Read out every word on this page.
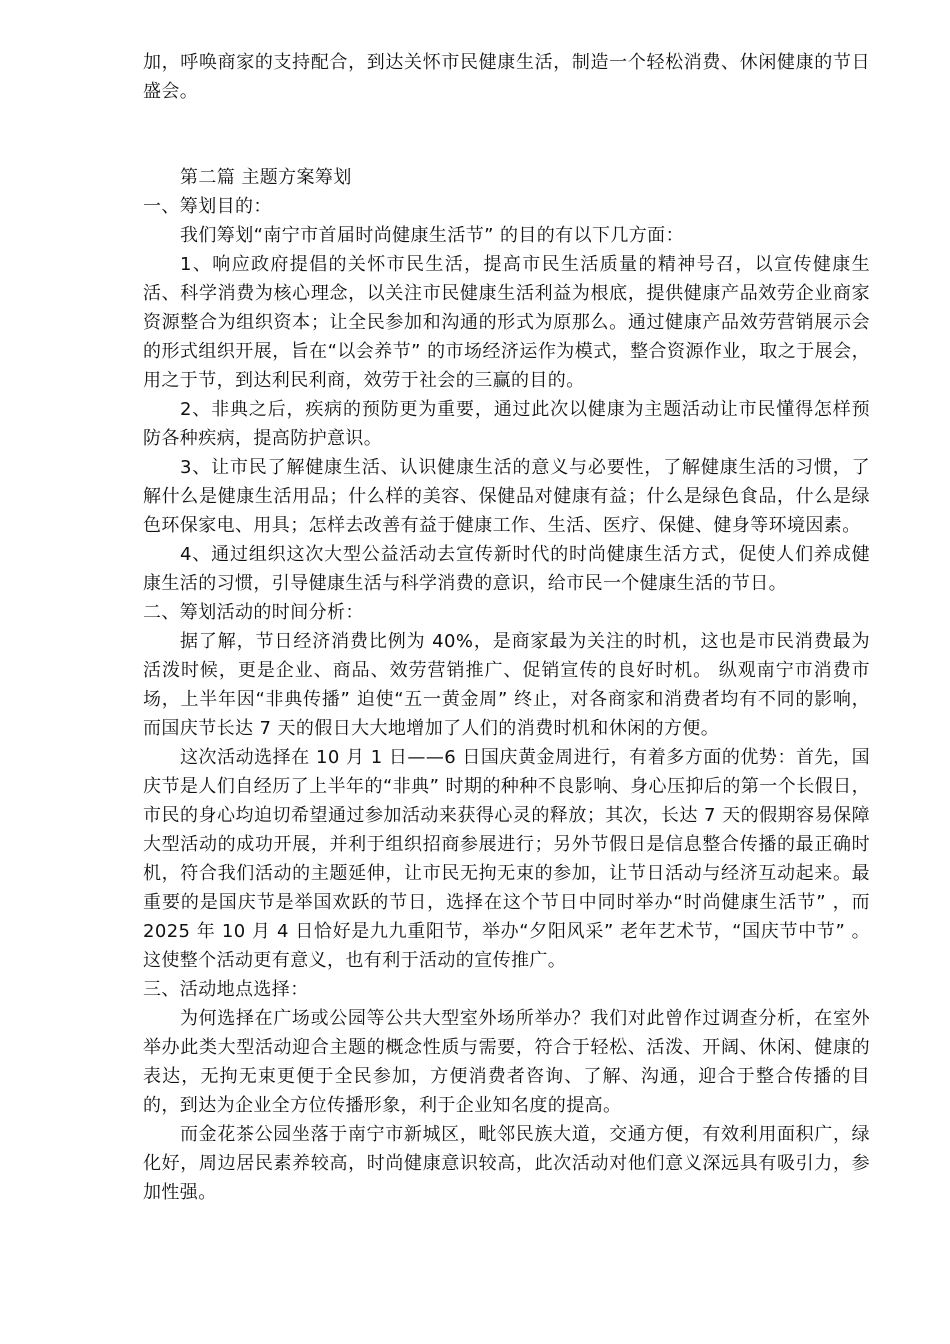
加，呼唤商家的支持配合，到达关怀市民健康生活，制造一个轻松消费、休闲健康的节日盛会。

第二篇 主题方案筹划

一、筹划目的：

我们筹划“南宁市首届时尚健康生活节” 的目的有以下几方面：

1、响应政府提倡的关怀市民生活，提高市民生活质量的精神号召，以宣传健康生活、科学消费为核心理念，以关注市民健康生活利益为根底，提供健康产品效劳企业商家资源整合为组织资本；让全民参加和沟通的形式为原那么。通过健康产品效劳营销展示会的形式组织开展，旨在“以会养节” 的市场经济运作为模式，整合资源作业，取之于展会，用之于节，到达利民利商，效劳于社会的三赢的目的。

2、非典之后，疾病的预防更为重要，通过此次以健康为主题活动让市民懂得怎样预防各种疾病，提高防护意识。

3、让市民了解健康生活、认识健康生活的意义与必要性，了解健康生活的习惯，了解什么是健康生活用品；什么样的美容、保健品对健康有益；什么是绿色食品，什么是绿色环保家电、用具；怎样去改善有益于健康工作、生活、医疗、保健、健身等环境因素。

4、通过组织这次大型公益活动去宣传新时代的时尚健康生活方式，促使人们养成健康生活的习惯，引导健康生活与科学消费的意识，给市民一个健康生活的节日。

二、筹划活动的时间分析：

据了解，节日经济消费比例为 40%，是商家最为关注的时机，这也是市民消费最为活泼时候，更是企业、商品、效劳营销推广、促销宣传的良好时机。 纵观南宁市消费市场，上半年因“非典传播” 迫使“五一黄金周” 终止，对各商家和消费者均有不同的影响，而国庆节长达 7 天的假日大大地增加了人们的消费时机和休闲的方便。

这次活动选择在 10 月 1 日——6 日国庆黄金周进行，有着多方面的优势：首先，国庆节是人们自经历了上半年的“非典” 时期的种种不良影响、身心压抑后的第一个长假日，市民的身心均迫切希望通过参加活动来获得心灵的释放；其次，长达 7 天的假期容易保障大型活动的成功开展，并利于组织招商参展进行；另外节假日是信息整合传播的最正确时机，符合我们活动的主题延伸，让市民无拘无束的参加，让节日活动与经济互动起来。最重要的是国庆节是举国欢跃的节日，选择在这个节日中同时举办“时尚健康生活节” ，而 2025 年 10 月 4 日恰好是九九重阳节，举办“夕阳风采” 老年艺术节，“国庆节中节” 。这使整个活动更有意义，也有利于活动的宣传推广。

三、活动地点选择：

为何选择在广场或公园等公共大型室外场所举办？我们对此曾作过调查分析，在室外举办此类大型活动迎合主题的概念性质与需要，符合于轻松、活泼、开阔、休闲、健康的表达，无拘无束更便于全民参加，方便消费者咨询、了解、沟通，迎合于整合传播的目的，到达为企业全方位传播形象，利于企业知名度的提高。

而金花茶公园坐落于南宁市新城区，毗邻民族大道，交通方便，有效利用面积广，绿化好，周边居民素养较高，时尚健康意识较高，此次活动对他们意义深远具有吸引力，参加性强。
